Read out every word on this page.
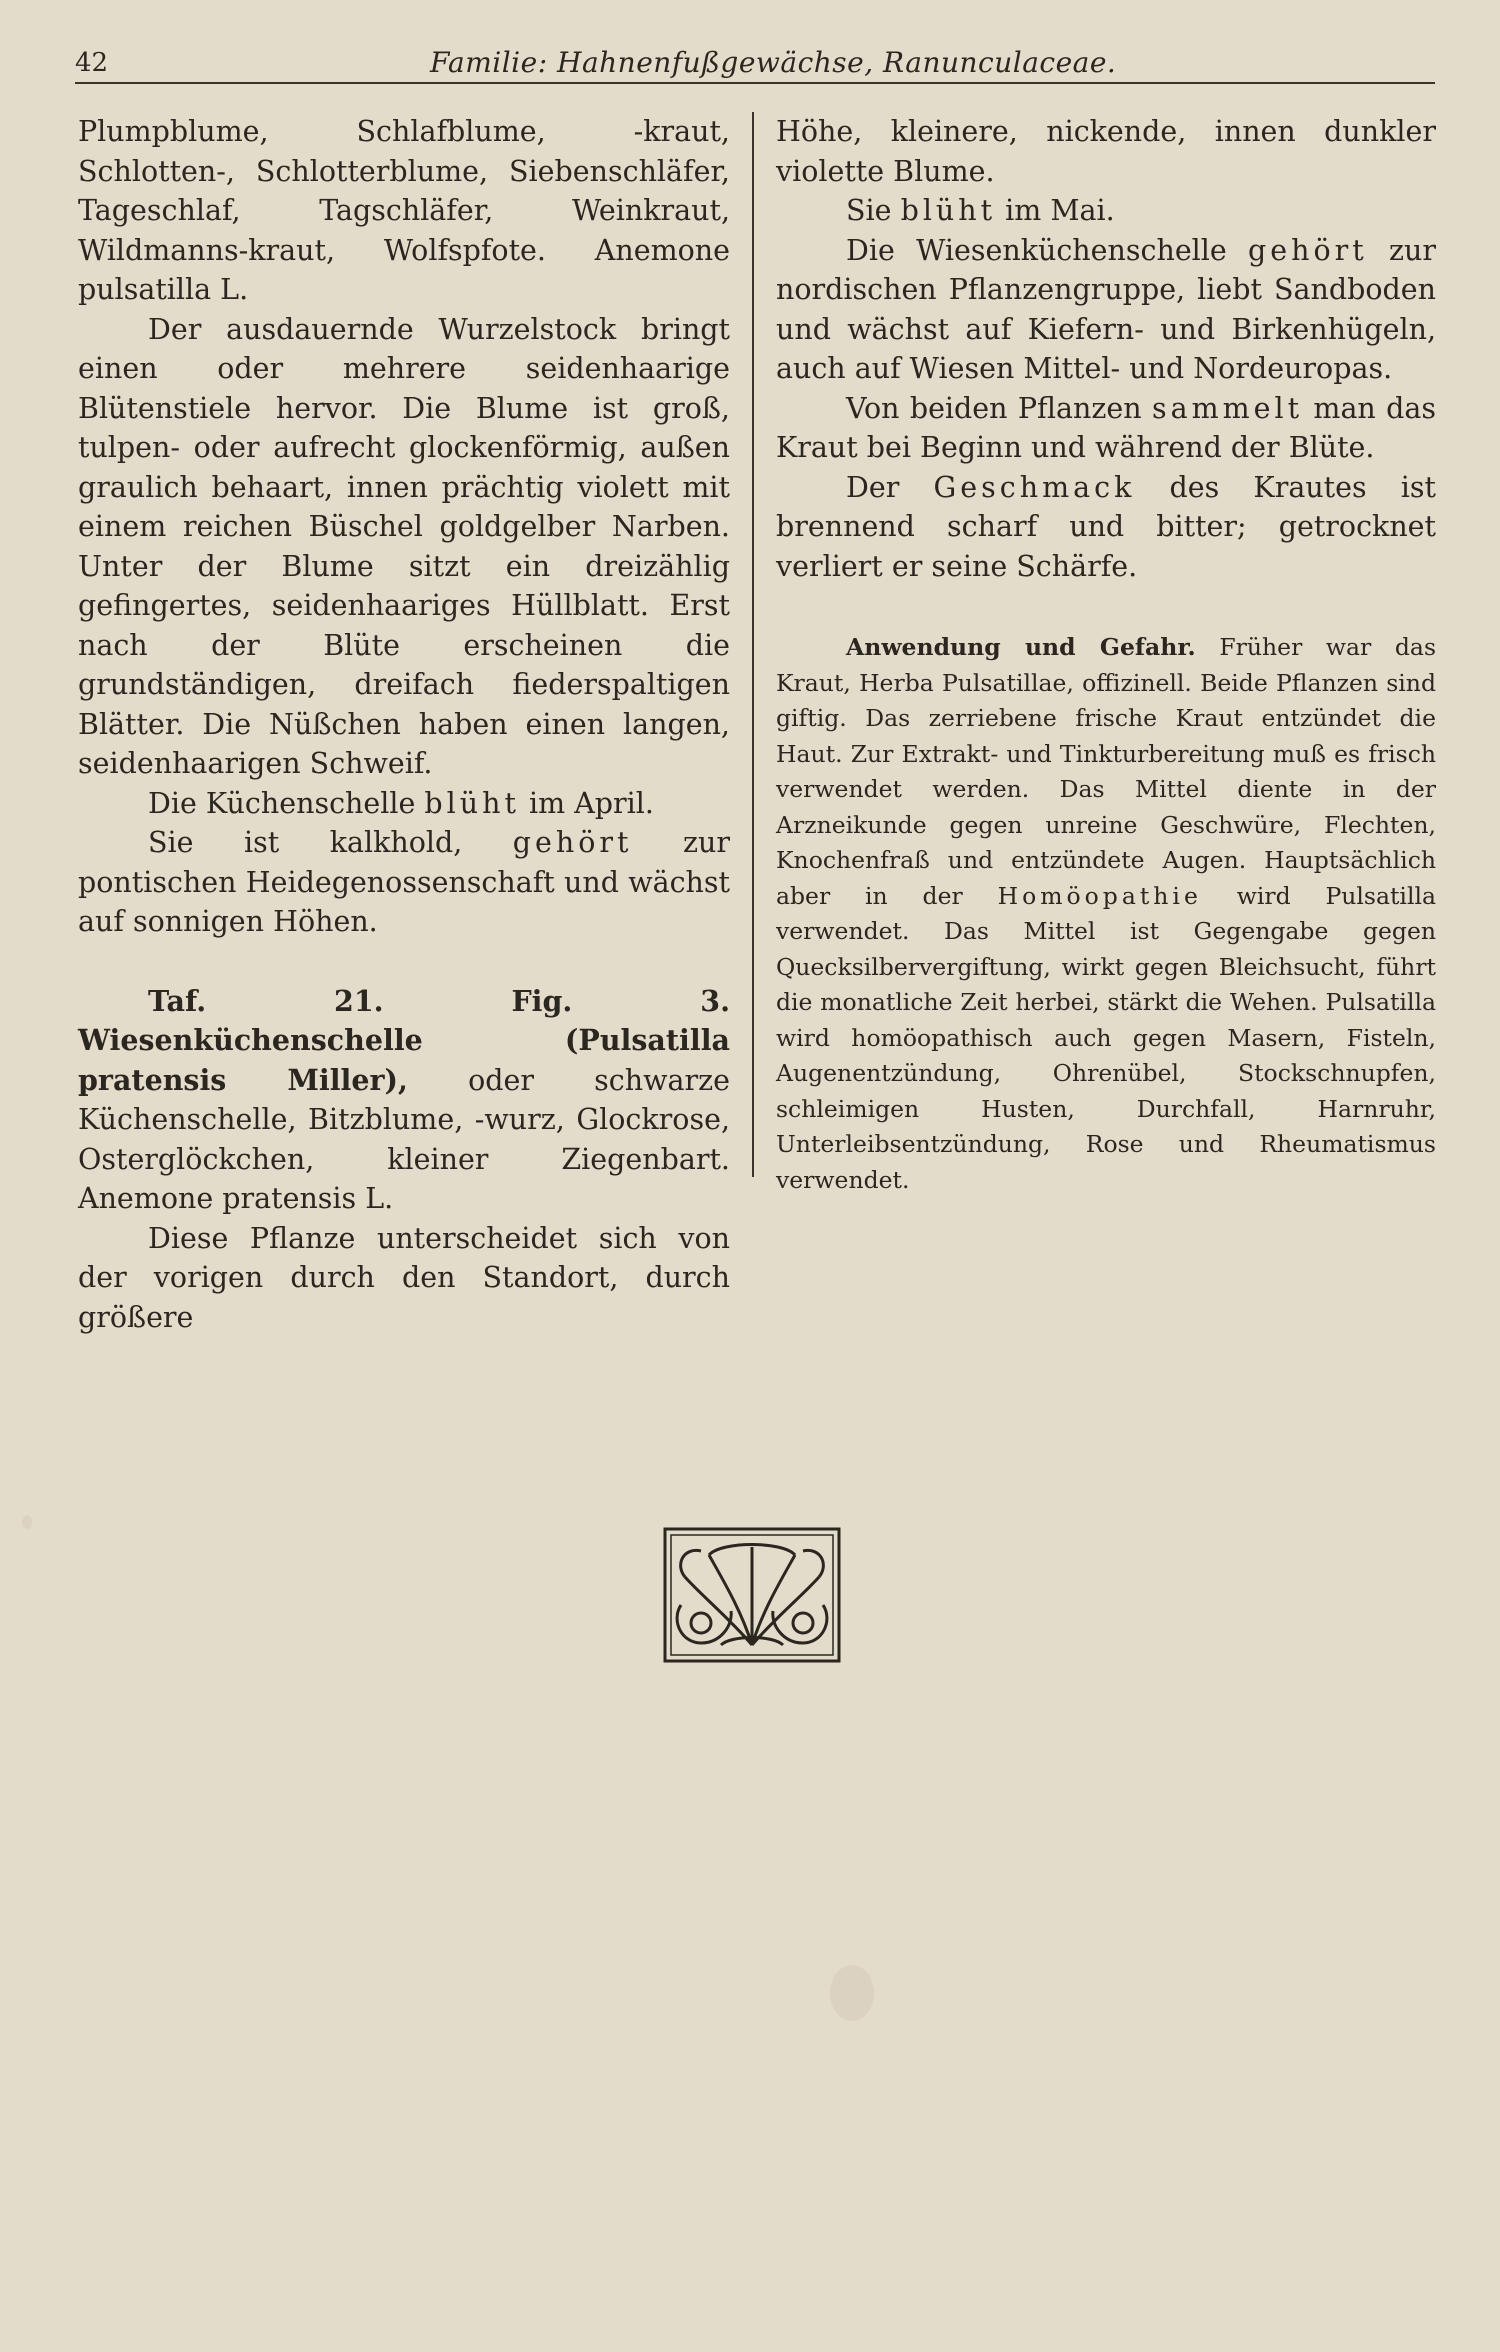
42	Familie: Hahnenfußgewächse, Ranunculaceae.

Plumpblume, Schlafblume, -kraut, Schlotten-, Schlotterblume, Siebenschläfer, Tageschlaf, Tagschläfer, Weinkraut, Wildmanns-kraut, Wolfspfote. Anemone pulsatilla L.

Der ausdauernde Wurzelstock bringt einen oder mehrere seidenhaarige Blütenstiele hervor. Die Blume ist groß, tulpen- oder aufrecht glockenförmig, außen graulich behaart, innen prächtig violett mit einem reichen Büschel goldgelber Narben. Unter der Blume sitzt ein dreizählig gefingertes, seidenhaariges Hüllblatt. Erst nach der Blüte erscheinen die grundständigen, dreifach fiederspaltigen Blätter. Die Nüßchen haben einen langen, seidenhaarigen Schweif.

Die Küchenschelle blüht im April.

Sie ist kalkhold, gehört zur pontischen Heidegenossenschaft und wächst auf sonnigen Höhen.

Taf. 21. Fig. 3. Wiesenküchenschelle (Pulsatilla pratensis Miller), oder schwarze Küchenschelle, Bitzblume, -wurz, Glockrose, Osterglöckchen, kleiner Ziegenbart. Anemone pratensis L.

Diese Pflanze unterscheidet sich von der vorigen durch den Standort, durch größere

Höhe, kleinere, nickende, innen dunkler violette Blume.

Sie blüht im Mai.

Die Wiesenküchenschelle gehört zur nordischen Pflanzengruppe, liebt Sandboden und wächst auf Kiefern- und Birkenhügeln, auch auf Wiesen Mittel- und Nordeuropas.

Von beiden Pflanzen sammelt man das Kraut bei Beginn und während der Blüte.

Der Geschmack des Krautes ist brennend scharf und bitter; getrocknet verliert er seine Schärfe.

Anwendung und Gefahr. Früher war das Kraut, Herba Pulsatillae, offizinell. Beide Pflanzen sind giftig. Das zerriebene frische Kraut entzündet die Haut. Zur Extrakt- und Tinkturbereitung muß es frisch verwendet werden. Das Mittel diente in der Arzneikunde gegen unreine Geschwüre, Flechten, Knochenfraß und entzündete Augen. Hauptsächlich aber in der Homöopathie wird Pulsatilla verwendet. Das Mittel ist Gegengabe gegen Quecksilbervergiftung, wirkt gegen Bleichsucht, führt die monatliche Zeit herbei, stärkt die Wehen. Pulsatilla wird homöopathisch auch gegen Masern, Fisteln, Augenentzündung, Ohrenübel, Stockschnupfen, schleimigen Husten, Durchfall, Harnruhr, Unterleibsentzündung, Rose und Rheumatismus verwendet.
